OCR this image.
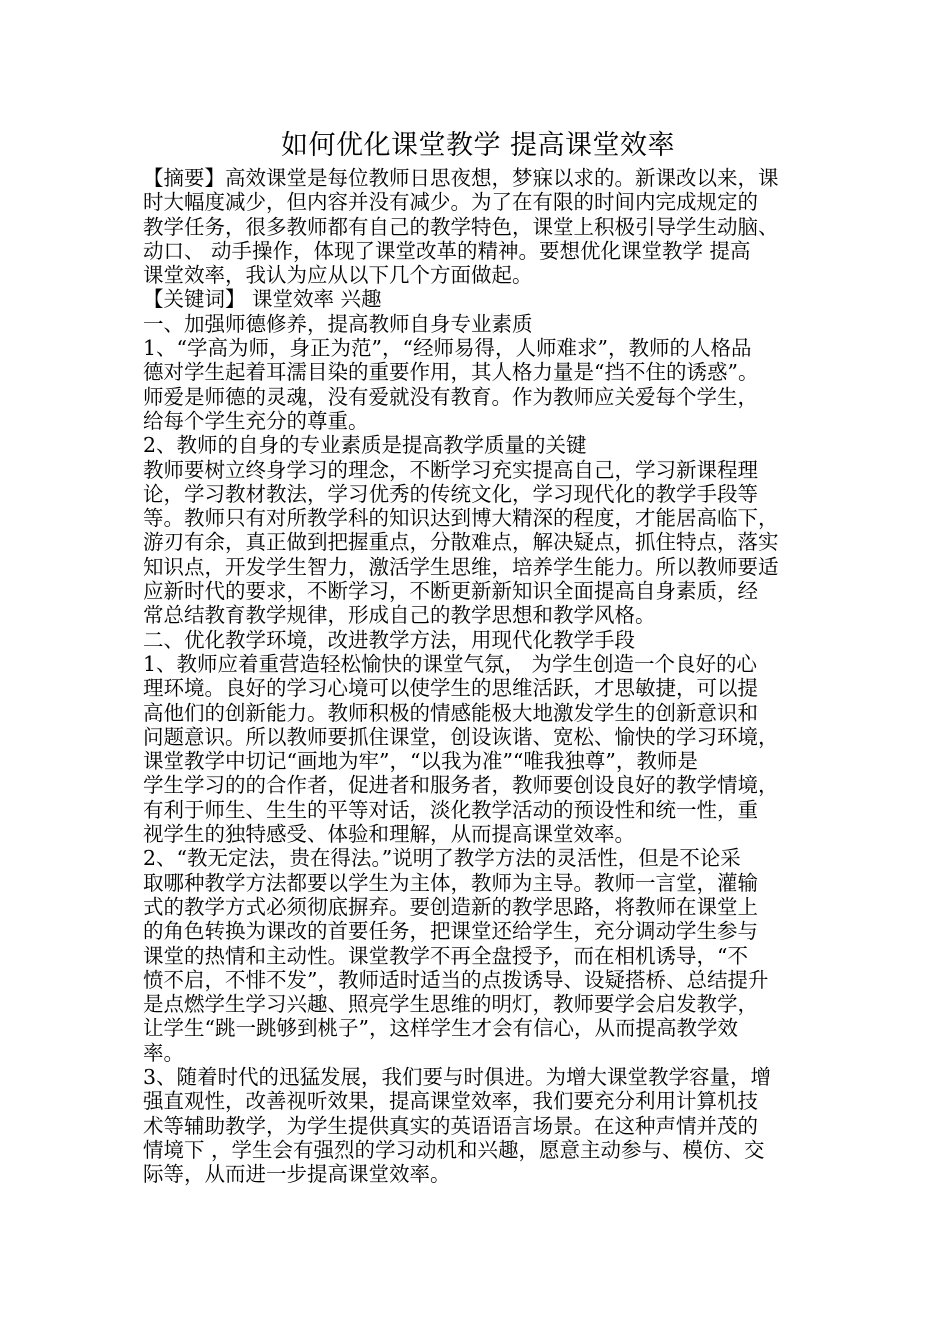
如何优化课堂教学 提高课堂效率
【摘要】高效课堂是每位教师日思夜想，梦寐以求的。新课改以来，课
时大幅度减少，但内容并没有减少。为了在有限的时间内完成规定的
教学任务，很多教师都有自己的教学特色，课堂上积极引导学生动脑、
动口、 动手操作，体现了课堂改革的精神。要想优化课堂教学 提高
课堂效率，我认为应从以下几个方面做起。
【关键词】 课堂效率 兴趣
一、加强师德修养，提高教师自身专业素质
1、“学高为师，身正为范”，“经师易得，人师难求”，教师的人格品
德对学生起着耳濡目染的重要作用，其人格力量是“挡不住的诱惑”。
师爱是师德的灵魂，没有爱就没有教育。作为教师应关爱每个学生，
给每个学生充分的尊重。
2、教师的自身的专业素质是提高教学质量的关键
教师要树立终身学习的理念，不断学习充实提高自己，学习新课程理
论，学习教材教法，学习优秀的传统文化，学习现代化的教学手段等
等。教师只有对所教学科的知识达到博大精深的程度，才能居高临下，
游刃有余，真正做到把握重点，分散难点，解决疑点，抓住特点，落实
知识点，开发学生智力，激活学生思维，培养学生能力。所以教师要适
应新时代的要求，不断学习，不断更新新知识全面提高自身素质，经
常总结教育教学规律，形成自己的教学思想和教学风格。
二、优化教学环境，改进教学方法，用现代化教学手段
1、教师应着重营造轻松愉快的课堂气氛， 为学生创造一个良好的心
理环境。良好的学习心境可以使学生的思维活跃，才思敏捷，可以提
高他们的创新能力。教师积极的情感能极大地激发学生的创新意识和
问题意识。所以教师要抓住课堂，创设诙谐、宽松、愉快的学习环境，
课堂教学中切记“画地为牢”，“以我为准”“唯我独尊”，教师是
学生学习的的合作者，促进者和服务者，教师要创设良好的教学情境，
有利于师生、生生的平等对话，淡化教学活动的预设性和统一性，重
视学生的独特感受、体验和理解，从而提高课堂效率。
2、“教无定法，贵在得法。”说明了教学方法的灵活性，但是不论采
取哪种教学方法都要以学生为主体，教师为主导。教师一言堂，灌输
式的教学方式必须彻底摒弃。要创造新的教学思路，将教师在课堂上
的角色转换为课改的首要任务，把课堂还给学生，充分调动学生参与
课堂的热情和主动性。课堂教学不再全盘授予，而在相机诱导，“不
愤不启，不悱不发”，教师适时适当的点拨诱导、设疑搭桥、总结提升
是点燃学生学习兴趣、照亮学生思维的明灯，教师要学会启发教学，
让学生“跳一跳够到桃子”，这样学生才会有信心，从而提高教学效
率。
3、随着时代的迅猛发展，我们要与时俱进。为增大课堂教学容量，增
强直观性，改善视听效果，提高课堂效率，我们要充分利用计算机技
术等辅助教学，为学生提供真实的英语语言场景。在这种声情并茂的
情境下 ，学生会有强烈的学习动机和兴趣，愿意主动参与、模仿、交
际等，从而进一步提高课堂效率。
